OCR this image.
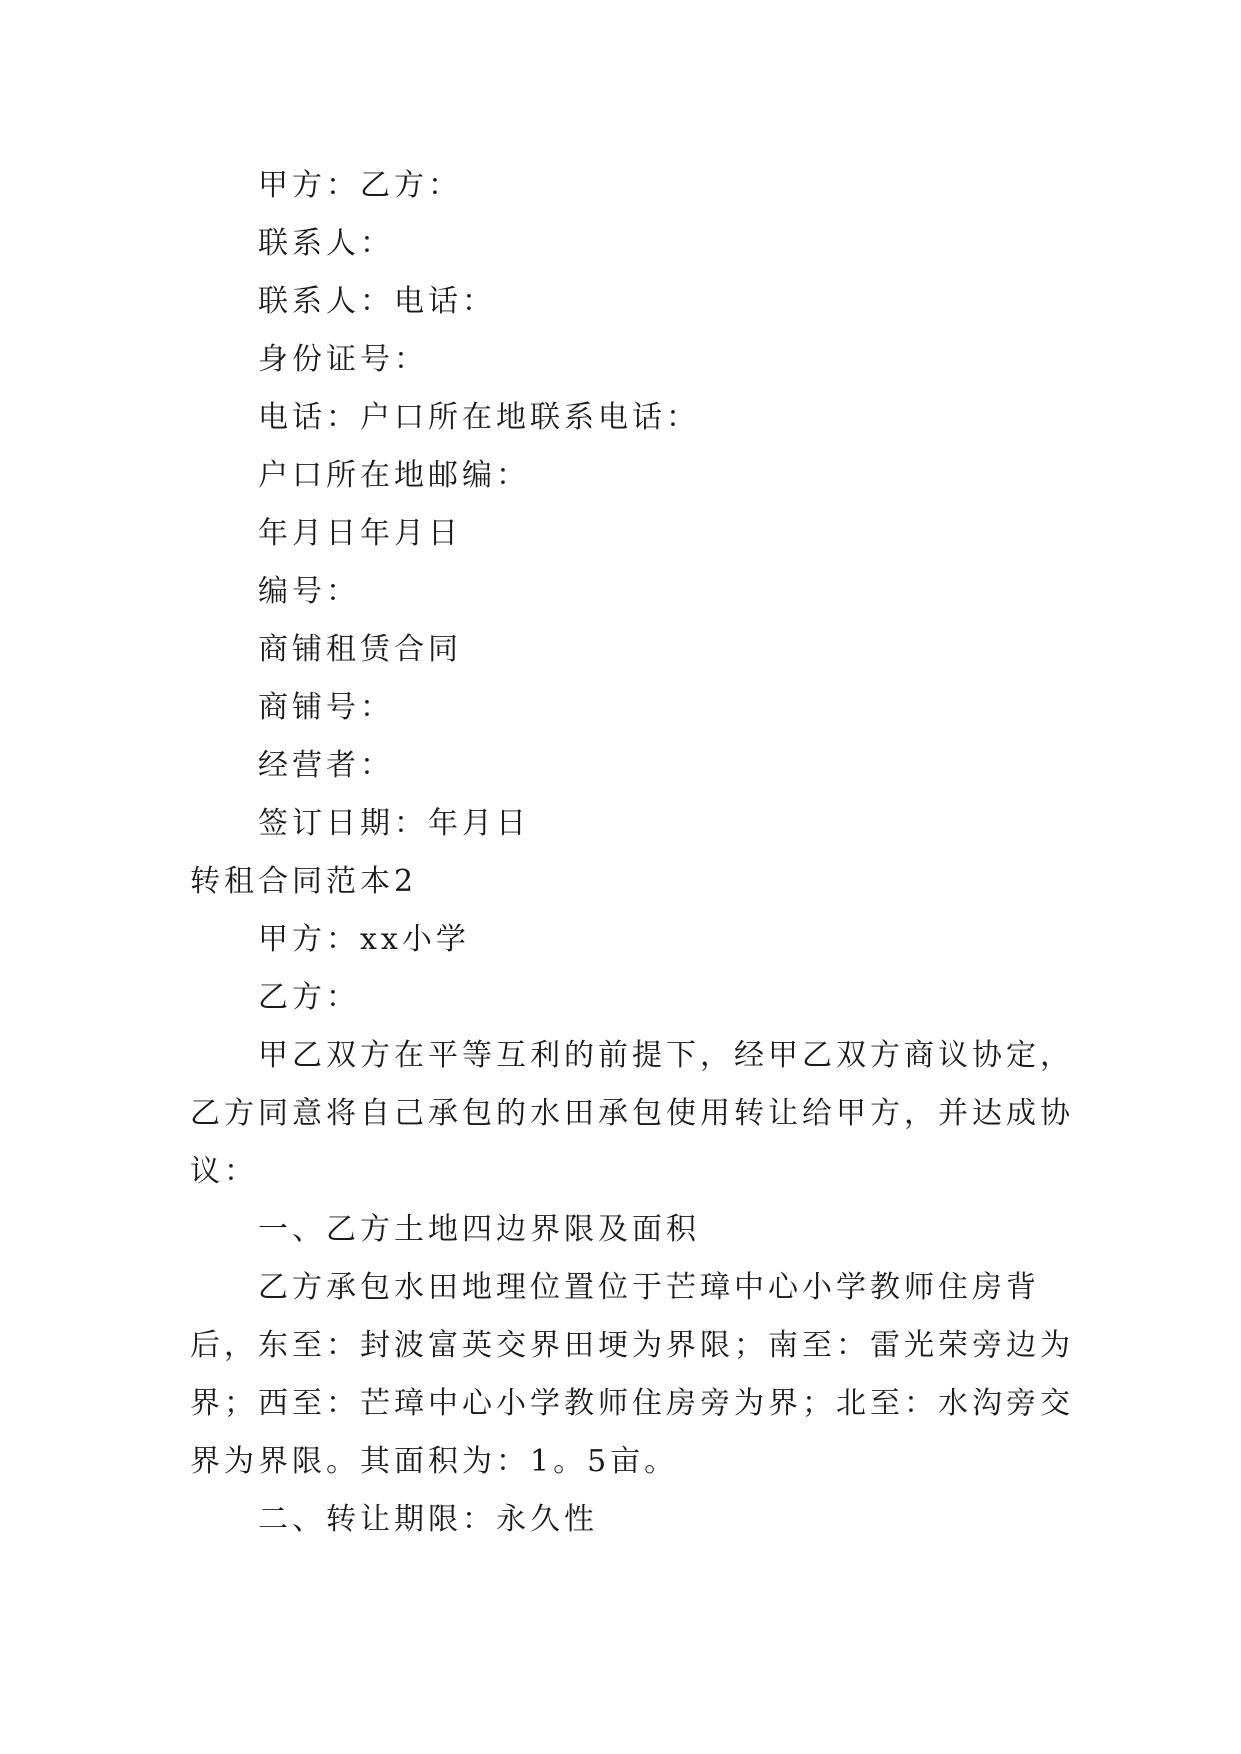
甲方：乙方：
联系人：
联系人：电话：
身份证号：
电话：户口所在地联系电话：
户口所在地邮编：
年月日年月日
编号：
商铺租赁合同
商铺号：
经营者：
签订日期：年月日
转租合同范本2
甲方：xx小学
乙方：
甲乙双方在平等互利的前提下，经甲乙双方商议协定，
乙方同意将自己承包的水田承包使用转让给甲方，并达成协
议：
一、乙方土地四边界限及面积
乙方承包水田地理位置位于芒璋中心小学教师住房背
后，东至：封波富英交界田埂为界限；南至：雷光荣旁边为
界；西至：芒璋中心小学教师住房旁为界；北至：水沟旁交
界为界限。其面积为：1。5亩。
二、转让期限：永久性
